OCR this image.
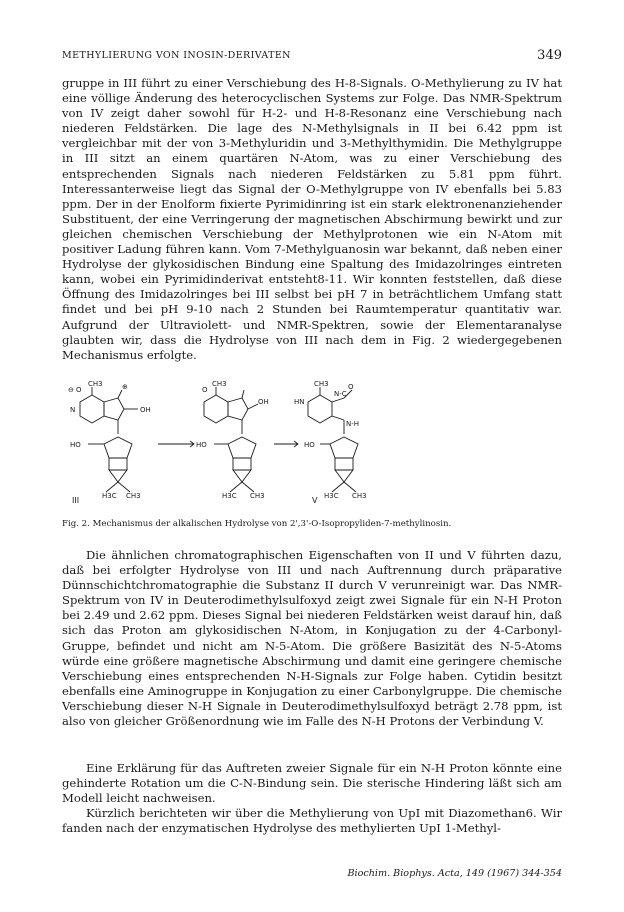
METHYLIERUNG VON INOSIN-DERIVATEN	349

gruppe in III führt zu einer Verschiebung des H-8-Signals. O-Methylierung zu IV hat eine völlige Änderung des heterocyclischen Systems zur Folge. Das NMR-Spektrum von IV zeigt daher sowohl für H-2- und H-8-Resonanz eine Verschiebung nach niederen Feldstärken. Die lage des N-Methylsignals in II bei 6.42 ppm ist vergleichbar mit der von 3-Methyluridin und 3-Methylthymidin. Die Methylgruppe in III sitzt an einem quartären N-Atom, was zu einer Verschiebung des entsprechenden Signals nach niederen Feldstärken zu 5.81 ppm führt. Interessanterweise liegt das Signal der O-Methylgruppe von IV ebenfalls bei 5.83 ppm. Der in der Enolform fixierte Pyrimidinring ist ein stark elektronenanziehender Substituent, der eine Verringerung der magnetischen Abschirmung bewirkt und zur gleichen chemischen Verschiebung der Methylprotonen wie ein N-Atom mit positiver Ladung führen kann. Vom 7-Methylguanosin war bekannt, daß neben einer Hydrolyse der glykosidischen Bindung eine Spaltung des Imidazolringes eintreten kann, wobei ein Pyrimidinderivat entsteht8-11. Wir konnten feststellen, daß diese Öffnung des Imidazolringes bei III selbst bei pH 7 in beträchtlichem Umfang statt findet und bei pH 9-10 nach 2 Stunden bei Raumtemperatur quantitativ war. Aufgrund der Ultraviolett- und NMR-Spektren, sowie der Elementaranalyse glaubten wir, dass die Hydrolyse von III nach dem in Fig. 2 wiedergegebenen Mechanismus erfolgte.

⊖ O
CH3	⊕
OH
N
HO
H3C CH3
O
CH3
OH
HO
H3C CH3
CH3	O
N-C
N-H
HN
HO
H3C CH3
III	V
Fig. 2. Mechanismus der alkalischen Hydrolyse von 2',3'-O-Isopropyliden-7-methylinosin.

Die ähnlichen chromatographischen Eigenschaften von II und V führten dazu, daß bei erfolgter Hydrolyse von III und nach Auftrennung durch präparative Dünnschichtchromatographie die Substanz II durch V verunreinigt war. Das NMR-Spektrum von IV in Deuterodimethylsulfoxyd zeigt zwei Signale für ein N-H Proton bei 2.49 und 2.62 ppm. Dieses Signal bei niederen Feldstärken weist darauf hin, daß sich das Proton am glykosidischen N-Atom, in Konjugation zu der 4-Carbonyl-Gruppe, befindet und nicht am N-5-Atom. Die größere Basizität des N-5-Atoms würde eine größere magnetische Abschirmung und damit eine geringere chemische Verschiebung eines entsprechenden N-H-Signals zur Folge haben. Cytidin besitzt ebenfalls eine Aminogruppe in Konjugation zu einer Carbonylgruppe. Die chemische Verschiebung dieser N-H Signale in Deuterodimethylsulfoxyd beträgt 2.78 ppm, ist also von gleicher Größenordnung wie im Falle des N-H Protons der Verbindung V.

Eine Erklärung für das Auftreten zweier Signale für ein N-H Proton könnte eine gehinderte Rotation um die C-N-Bindung sein. Die sterische Hindering läßt sich am Modell leicht nachweisen.

Kürzlich berichteten wir über die Methylierung von UpI mit Diazomethan6. Wir fanden nach der enzymatischen Hydrolyse des methylierten UpI 1-Methyl-

Biochim. Biophys. Acta, 149 (1967) 344-354
